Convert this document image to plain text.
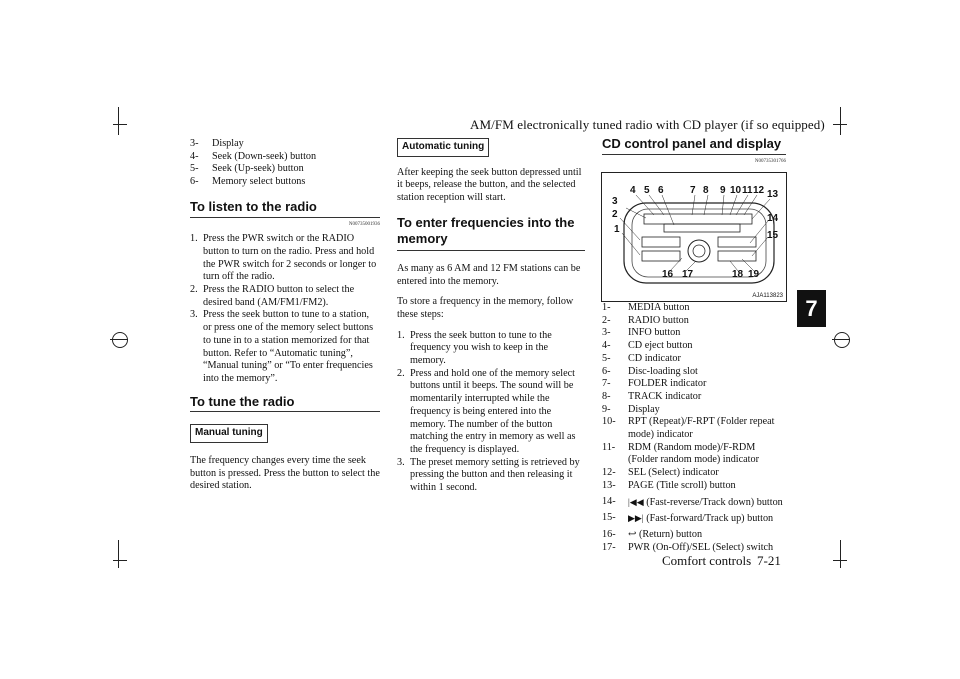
AM/FM electronically tuned radio with CD player (if so equipped)
7
Comfort controls 7-21
3- Display
4- Seek (Down-seek) button
5- Seek (Up-seek) button
6- Memory select buttons
To listen to the radio
N00735001936
1. Press the PWR switch or the RADIO button to turn on the radio. Press and hold the PWR switch for 2 seconds or longer to turn off the radio.
2. Press the RADIO button to select the desired band (AM/FM1/FM2).
3. Press the seek button to tune to a station, or press one of the memory select buttons to tune in to a station memorized for that button. Refer to “Automatic tuning”, “Manual tuning” or “To enter frequencies into the memory”.
To tune the radio
Manual tuning
The frequency changes every time the seek button is pressed. Press the button to select the desired station.
Automatic tuning
After keeping the seek button depressed until it beeps, release the button, and the selected station reception will start.
To enter frequencies into the memory
As many as 6 AM and 12 FM stations can be entered into the memory.
To store a frequency in the memory, follow these steps:
1. Press the seek button to tune to the frequency you wish to keep in the memory.
2. Press and hold one of the memory select buttons until it beeps. The sound will be momentarily interrupted while the frequency is being entered into the memory. The number of the button matching the entry in memory as well as the frequency is displayed.
3. The preset memory setting is retrieved by pressing the button and then releasing it within 1 second.
CD control panel and display
N00735301766
1
2
3
4 5 6	7 8 9 10 11 12 13
14
15
16 17	18 19
AJA113823
1- MEDIA button
2- RADIO button
3- INFO button
4- CD eject button
5- CD indicator
6- Disc-loading slot
7- FOLDER indicator
8- TRACK indicator
9- Display
10- RPT (Repeat)/F-RPT (Folder repeat mode) indicator
11- RDM (Random mode)/F-RDM (Folder random mode) indicator
12- SEL (Select) indicator
13- PAGE (Title scroll) button
14- |◀◀ (Fast-reverse/Track down) button
15- ▶▶| (Fast-forward/Track up) button
16- ↩ (Return) button
17- PWR (On-Off)/SEL (Select) switch
